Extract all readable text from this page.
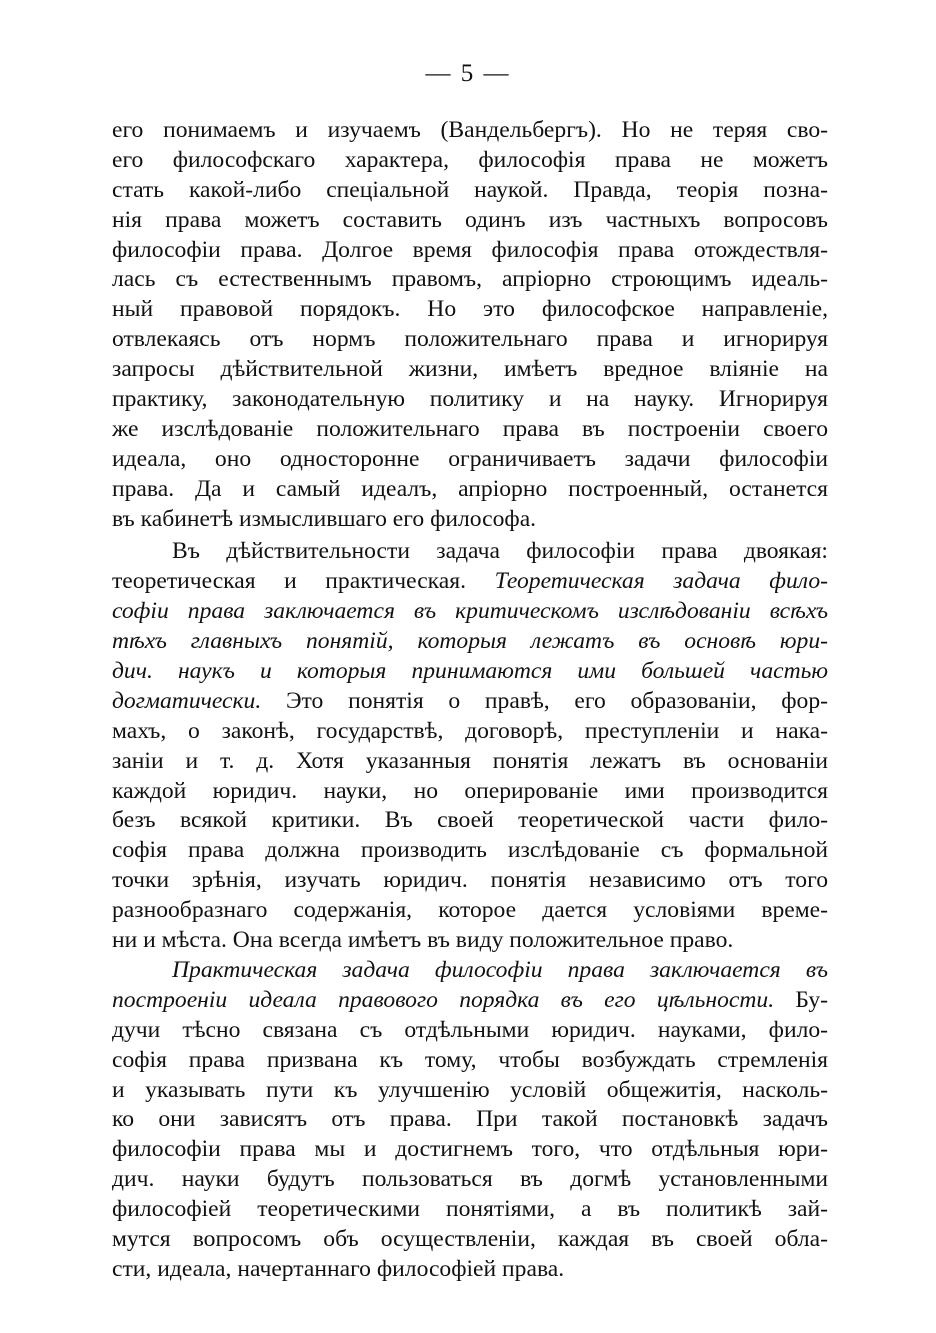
— 5 —
его понимаемъ и изучаемъ (Вандельбергъ). Но не теряя сво-
его философскаго характера, философія права не можетъ
стать какой-либо спеціальной наукой. Правда, теорія позна-
нія права можетъ составить одинъ изъ частныхъ вопросовъ
философіи права. Долгое время философія права отождествля-
лась съ естественнымъ правомъ, апріорно строющимъ идеаль-
ный правовой порядокъ. Но это философское направленіе,
отвлекаясь отъ нормъ положительнаго права и игнорируя
запросы дѣйствительной жизни, имѣетъ вредное вліяніе на
практику, законодательную политику и на науку. Игнорируя
же изслѣдованіе положительнаго права въ построеніи своего
идеала, оно односторонне ограничиваетъ задачи философіи
права. Да и самый идеалъ, апріорно построенный, останется
въ кабинетѣ измыслившаго его философа.
Въ дѣйствительности задача философіи права двоякая:
теоретическая и практическая. Теоретическая задача фило-
софіи права заключается въ критическомъ изслѣдованіи всѣхъ
тѣхъ главныхъ понятій, которыя лежатъ въ основѣ юри-
дич. наукъ и которыя принимаются ими большей частью
догматически. Это понятія о правѣ, его образованіи, фор-
махъ, о законѣ, государствѣ, договорѣ, преступленіи и нака-
заніи и т. д. Хотя указанныя понятія лежатъ въ основаніи
каждой юридич. науки, но оперированіе ими производится
безъ всякой критики. Въ своей теоретической части фило-
софія права должна производить изслѣдованіе съ формальной
точки зрѣнія, изучать юридич. понятія независимо отъ того
разнообразнаго содержанія, которое дается условіями време-
ни и мѣста. Она всегда имѣетъ въ виду положительное право.
Практическая задача философіи права заключается въ
построеніи идеала правового порядка въ его цѣльности. Бу-
дучи тѣсно связана съ отдѣльными юридич. науками, фило-
софія права призвана къ тому, чтобы возбуждать стремленія
и указывать пути къ улучшенію условій общежитія, насколь-
ко они зависятъ отъ права. При такой постановкѣ задачъ
философіи права мы и достигнемъ того, что отдѣльныя юри-
дич. науки будутъ пользоваться въ догмѣ установленными
философіей теоретическими понятіями, а въ политикѣ зай-
мутся вопросомъ объ осуществленіи, каждая въ своей обла-
сти, идеала, начертаннаго философіей права.
